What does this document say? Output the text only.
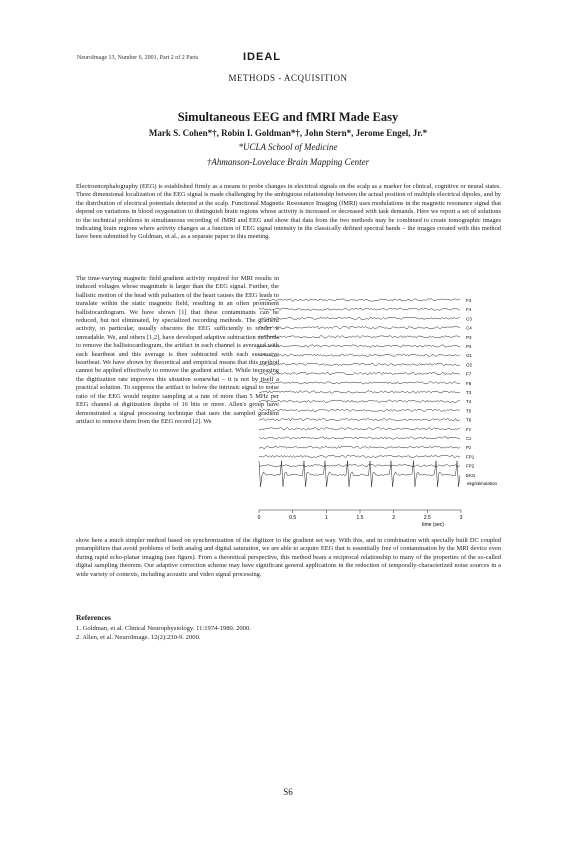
NeuroImage 13, Number 6, 2001, Part 2 of 2 Parts	IDEAL
METHODS - ACQUISITION
Simultaneous EEG and fMRI Made Easy
Mark S. Cohen*†, Robin I. Goldman*†, John Stern*, Jerome Engel, Jr.*
*UCLA School of Medicine
†Ahmanson-Lovelace Brain Mapping Center
Electroencephalography (EEG) is established firmly as a means to probe changes in electrical signals on the scalp as a marker for clinical, cognitive or neural states. Three dimensional localization of the EEG signal is made challenging by the ambiguous relationship between the actual position of multiple electrical dipoles, and by the distribution of electrical potentials detected at the scalp. Functional Magnetic Resonance Imaging (fMRI) uses modulations in the magnetic resonance signal that depend on variations in blood oxygenation to distinguish brain regions whose activity is increased or decreased with task demands. Here we report a set of solutions to the technical problems in simultaneous recording of fMRI and EEG and show that data from the two methods may be combined to create tomographic images indicating brain regions where activity changes as a function of EEG signal intensity in the classically defined spectral bands – the images created with this method have been submitted by Goldman, et al., as a separate paper to this meeting.
The time-varying magnetic field gradient activity required for MRI results in induced voltages whose magnitude is larger than the EEG signal. Further, the ballistic motion of the head with pulsation of the heart causes the EEG leads to translate within the static magnetic field, resulting in an often prominent ballistocardiogram. We have shown [1] that these contaminants can be reduced, but not eliminated, by specialized recording methods. The gradient activity, in particular, usually obscures the EEG sufficiently to render it unreadable. We, and others [1,2], have developed adaptive subtraction methods to remove the ballistocardiogram, the artifact in each channel is averaged with each heartbeat and this average is then subtracted with each successive heartbeat. We have shown by theoretical and empirical means that this method cannot be applied effectively to remove the gradient artifact. While increasing the digitization rate improves this situation somewhat – it is not by itself a practical solution. To suppress the artifact to below the intrinsic signal to noise ratio of the EEG would require sampling at a rate of more than 5 MHz per EEG channel at digitization depths of 16 bits or more. Allen's group have demonstrated a signal processing technique that uses the sampled gradient artifact to remove them from the EEG record [2]. We
F3
F4
C3
C4
P3
P4
O1
O2
F7
F8
T3
T4
T5
T6
Fz
Cz
Pz
FP1
FP2
EKG
ekg/stimulation
0	0.5	1	1.5	2	2.5	3
time (sec)
show here a much simpler method based on synchronization of the digitizer to the gradient set way. With this, and in combination with specially built DC coupled preamplifiers that avoid problems of both analog and digital saturation, we are able to acquire EEG that is essentially free of contamination by the MRI device even during rapid echo-planar imaging (see figure). From a theoretical perspective, this method bears a reciprocal relationship to many of the properties of the so-called digital sampling theorem. Our adaptive correction scheme may have significant general applications in the reduction of temporally-characterized noise sources in a wide variety of contexts, including acoustic and video signal processing.
References
1. Goldman, et al. Clinical Neurophysiology. 11:1974-1980. 2000.
2. Allen, et al. NeuroImage. 12(2):230-9. 2000.
S6
